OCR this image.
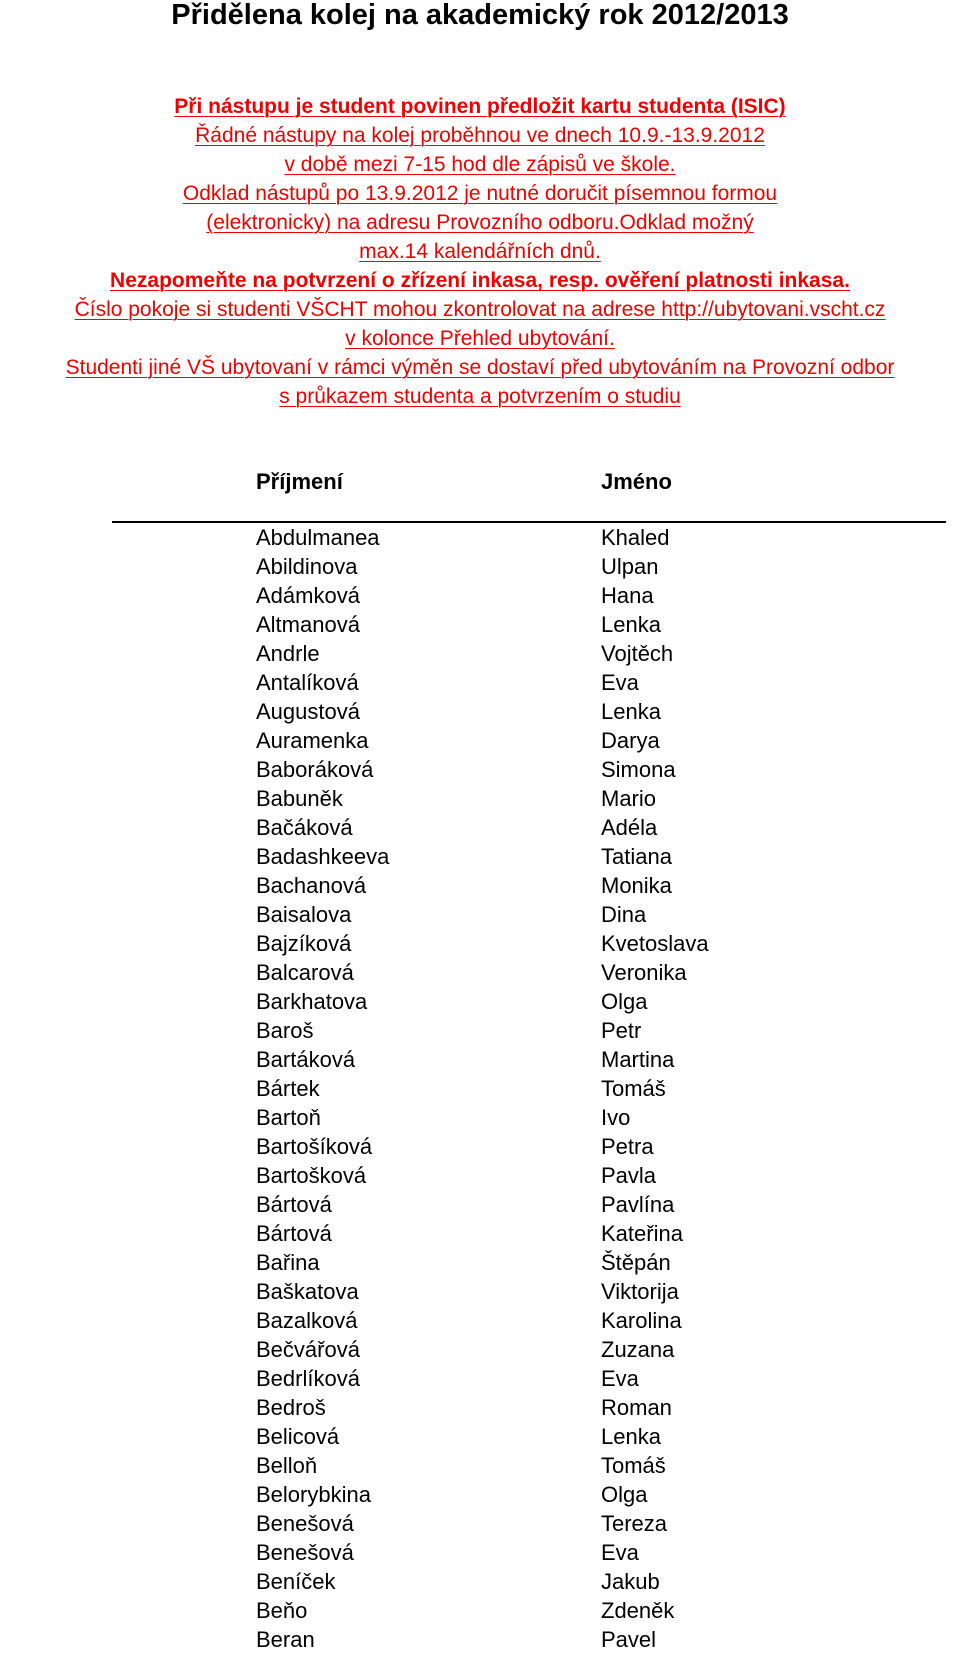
Přidělena kolej na akademický rok 2012/2013
Při nástupu je student povinen předložit kartu studenta (ISIC)
Řádné nástupy na kolej proběhnou ve dnech 10.9.-13.9.2012
v době mezi 7-15 hod dle zápisů ve škole.
Odklad nástupů po 13.9.2012 je nutné doručit písemnou formou
(elektronicky) na adresu Provozního odboru.Odklad možný
max.14 kalendářních dnů.
Nezapomeňte na potvrzení o zřízení inkasa, resp. ověření platnosti inkasa.
Číslo pokoje si studenti VŠCHT mohou zkontrolovat na adrese http://ubytovani.vscht.cz
v kolonce Přehled ubytování.
Studenti jiné VŠ ubytovaní v rámci výměn se dostaví před ubytováním na Provozní odbor
s průkazem studenta a potvrzením o studiu
Příjmení	Jméno
Abdulmanea	Khaled
Abildinova	Ulpan
Adámková	Hana
Altmanová	Lenka
Andrle	Vojtěch
Antalíková	Eva
Augustová	Lenka
Auramenka	Darya
Baboráková	Simona
Babuněk	Mario
Bačáková	Adéla
Badashkeeva	Tatiana
Bachanová	Monika
Baisalova	Dina
Bajzíková	Kvetoslava
Balcarová	Veronika
Barkhatova	Olga
Baroš	Petr
Bartáková	Martina
Bártek	Tomáš
Bartoň	Ivo
Bartošíková	Petra
Bartošková	Pavla
Bártová	Pavlína
Bártová	Kateřina
Bařina	Štěpán
Baškatova	Viktorija
Bazalková	Karolina
Bečvářová	Zuzana
Bedrlíková	Eva
Bedroš	Roman
Belicová	Lenka
Belloň	Tomáš
Belorybkina	Olga
Benešová	Tereza
Benešová	Eva
Beníček	Jakub
Beňo	Zdeněk
Beran	Pavel
